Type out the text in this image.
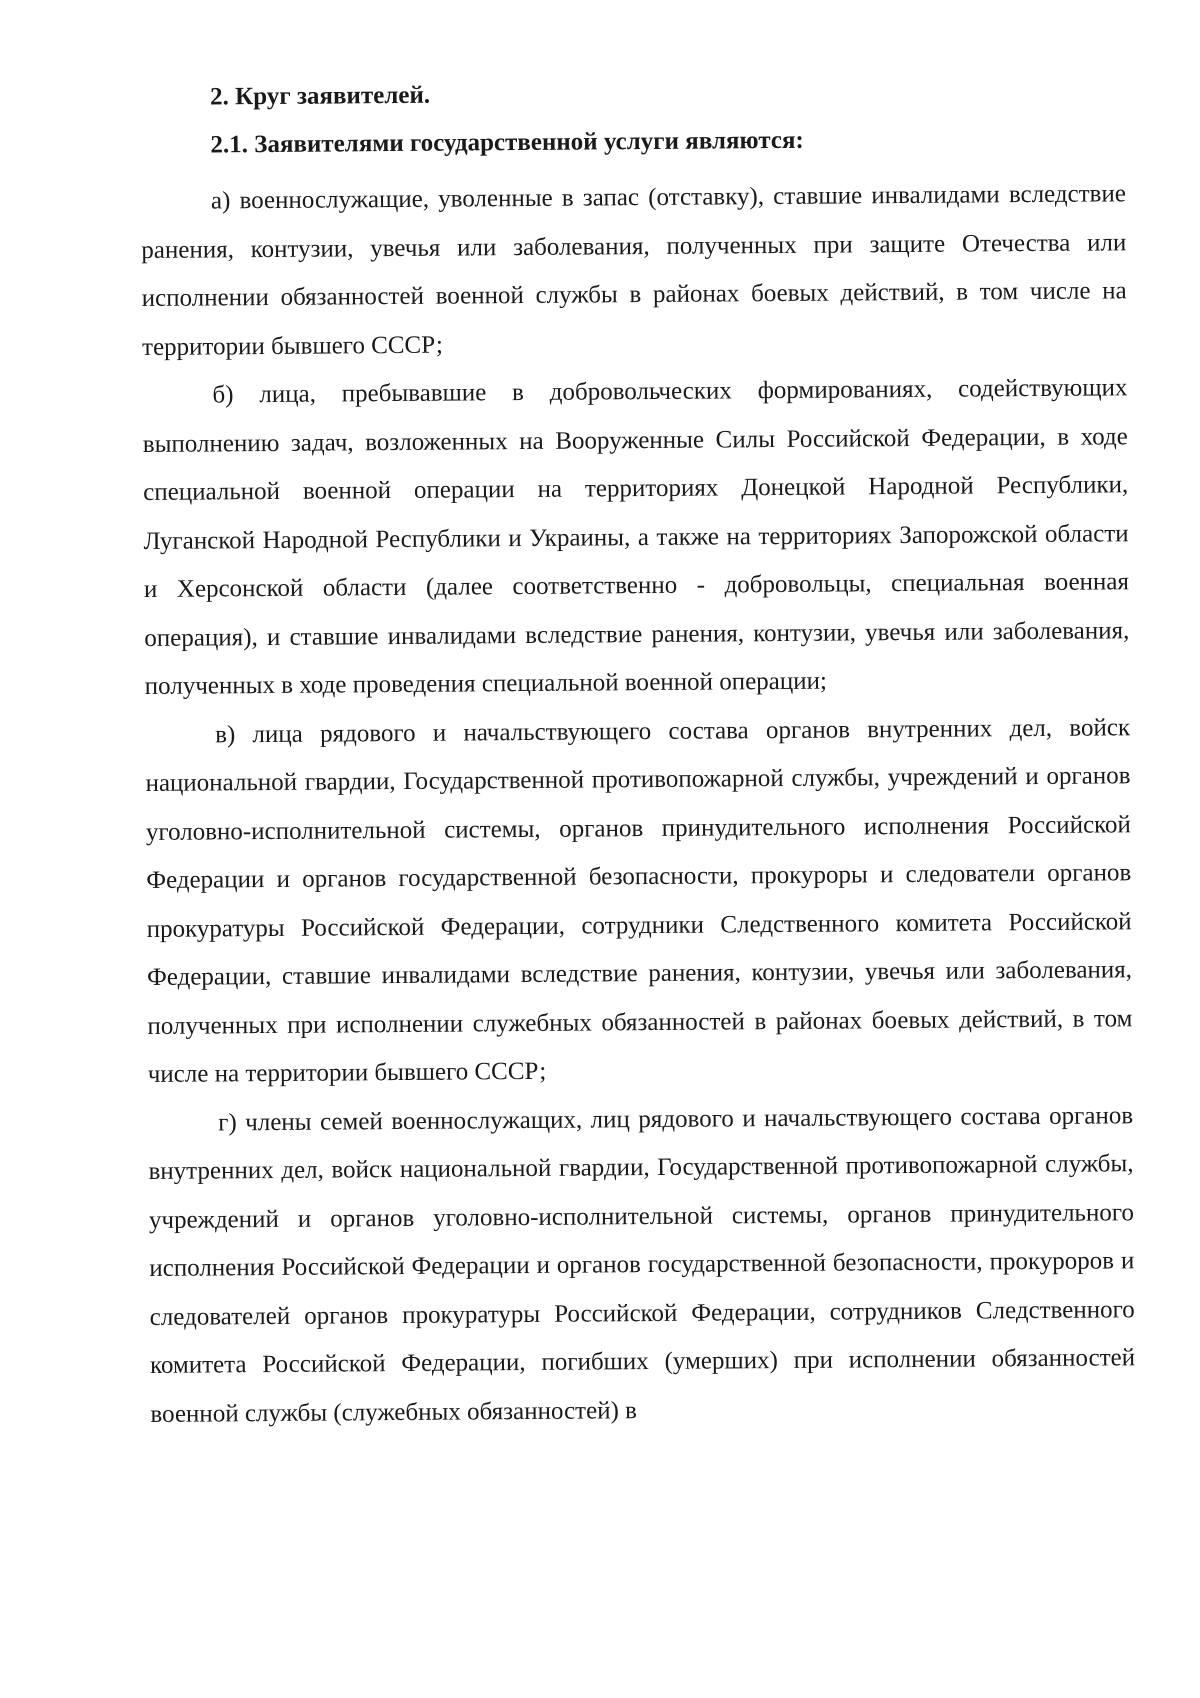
2. Круг заявителей.
2.1. Заявителями государственной услуги являются:

а) военнослужащие, уволенные в запас (отставку), ставшие инвалидами вследствие ранения, контузии, увечья или заболевания, полученных при защите Отечества или исполнении обязанностей военной службы в районах боевых действий, в том числе на территории бывшего СССР;

б) лица, пребывавшие в добровольческих формированиях, содействующих выполнению задач, возложенных на Вооруженные Силы Российской Федерации, в ходе специальной военной операции на территориях Донецкой Народной Республики, Луганской Народной Республики и Украины, а также на территориях Запорожской области и Херсонской области (далее соответственно - добровольцы, специальная военная операция), и ставшие инвалидами вследствие ранения, контузии, увечья или заболевания, полученных в ходе проведения специальной военной операции;

в) лица рядового и начальствующего состава органов внутренних дел, войск национальной гвардии, Государственной противопожарной службы, учреждений и органов уголовно-исполнительной системы, органов принудительного исполнения Российской Федерации и органов государственной безопасности, прокуроры и следователи органов прокуратуры Российской Федерации, сотрудники Следственного комитета Российской Федерации, ставшие инвалидами вследствие ранения, контузии, увечья или заболевания, полученных при исполнении служебных обязанностей в районах боевых действий, в том числе на территории бывшего СССР;

г) члены семей военнослужащих, лиц рядового и начальствующего состава органов внутренних дел, войск национальной гвардии, Государственной противопожарной службы, учреждений и органов уголовно-исполнительной системы, органов принудительного исполнения Российской Федерации и органов государственной безопасности, прокуроров и следователей органов прокуратуры Российской Федерации, сотрудников Следственного комитета Российской Федерации, погибших (умерших) при исполнении обязанностей военной службы (служебных обязанностей) в
